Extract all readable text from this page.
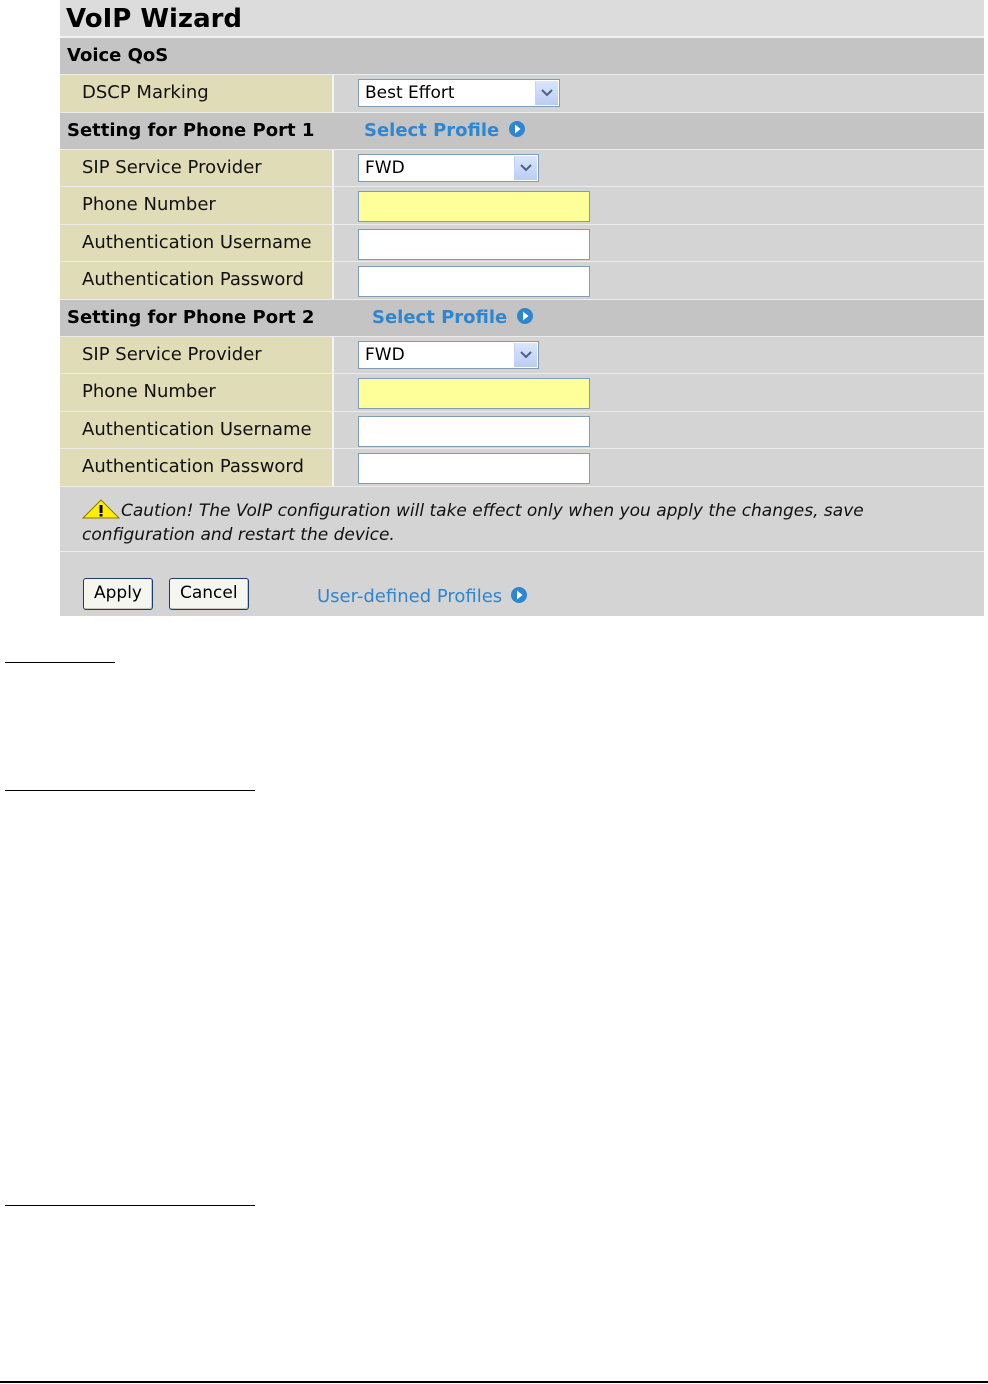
VoIP Wizard
Voice QoS
DSCP Marking	Best Effort
Setting for Phone Port 1	Select Profile
SIP Service Provider	FWD
Phone Number
Authentication Username
Authentication Password
Setting for Phone Port 2	Select Profile
SIP Service Provider	FWD
Phone Number
Authentication Username
Authentication Password
Caution! The VoIP configuration will take effect only when you apply the changes, save configuration and restart the device.
Apply	Cancel	User-defined Profiles
